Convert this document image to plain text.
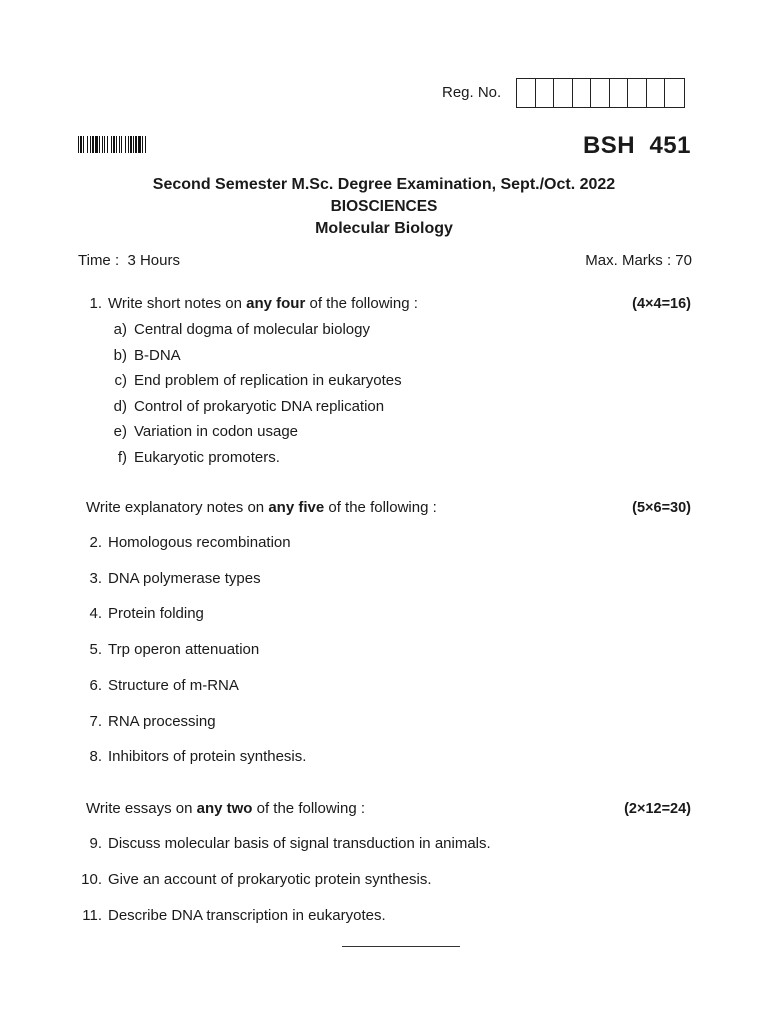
Reg. No.
BSH  451
Second Semester M.Sc. Degree Examination, Sept./Oct. 2022
BIOSCIENCES
Molecular Biology
Time :  3 Hours	Max. Marks : 70
1. Write short notes on any four of the following :	(4×4=16)
a) Central dogma of molecular biology
b) B-DNA
c) End problem of replication in eukaryotes
d) Control of prokaryotic DNA replication
e) Variation in codon usage
f) Eukaryotic promoters.
Write explanatory notes on any five of the following :	(5×6=30)
2. Homologous recombination
3. DNA polymerase types
4. Protein folding
5. Trp operon attenuation
6. Structure of m-RNA
7. RNA processing
8. Inhibitors of protein synthesis.
Write essays on any two of the following :	(2×12=24)
9. Discuss molecular basis of signal transduction in animals.
10. Give an account of prokaryotic protein synthesis.
11. Describe DNA transcription in eukaryotes.
